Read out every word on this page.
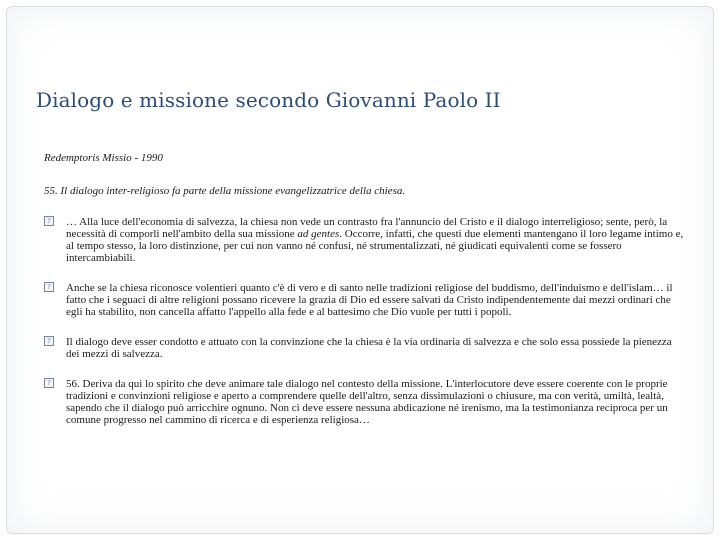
Dialogo e missione secondo Giovanni Paolo II

Redemptoris Missio - 1990

55. Il dialogo inter-religioso fa parte della missione evangelizzatrice della chiesa.

? … Alla luce dell'economia di salvezza, la chiesa non vede un contrasto fra l'annuncio del Cristo e il dialogo interreligioso; sente, però, la necessità di comporli nell'ambito della sua missione ad gentes. Occorre, infatti, che questi due elementi mantengano il loro legame intimo e, al tempo stesso, la loro distinzione, per cui non vanno né confusi, né strumentalizzati, né giudicati equivalenti come se fossero intercambiabili.
? Anche se la chiesa riconosce volentieri quanto c'è di vero e di santo nelle tradizioni religiose del buddismo, dell'induismo e dell'islam… il fatto che i seguaci di altre religioni possano ricevere la grazia di Dio ed essere salvati da Cristo indipendentemente dai mezzi ordinari che egli ha stabilito, non cancella affatto l'appello alla fede e al battesimo che Dio vuole per tutti i popoli.
? Il dialogo deve esser condotto e attuato con la convinzione che la chiesa è la via ordinaria di salvezza e che solo essa possiede la pienezza dei mezzi di salvezza.
? 56. Deriva da qui lo spirito che deve animare tale dialogo nel contesto della missione. L'interlocutore deve essere coerente con le proprie tradizioni e convinzioni religiose e aperto a comprendere quelle dell'altro, senza dissimulazioni o chiusure, ma con verità, umiltà, lealtà, sapendo che il dialogo può arricchire ognuno. Non ci deve essere nessuna abdicazione né irenismo, ma la testimonianza reciproca per un comune progresso nel cammino di ricerca e di esperienza religiosa…
